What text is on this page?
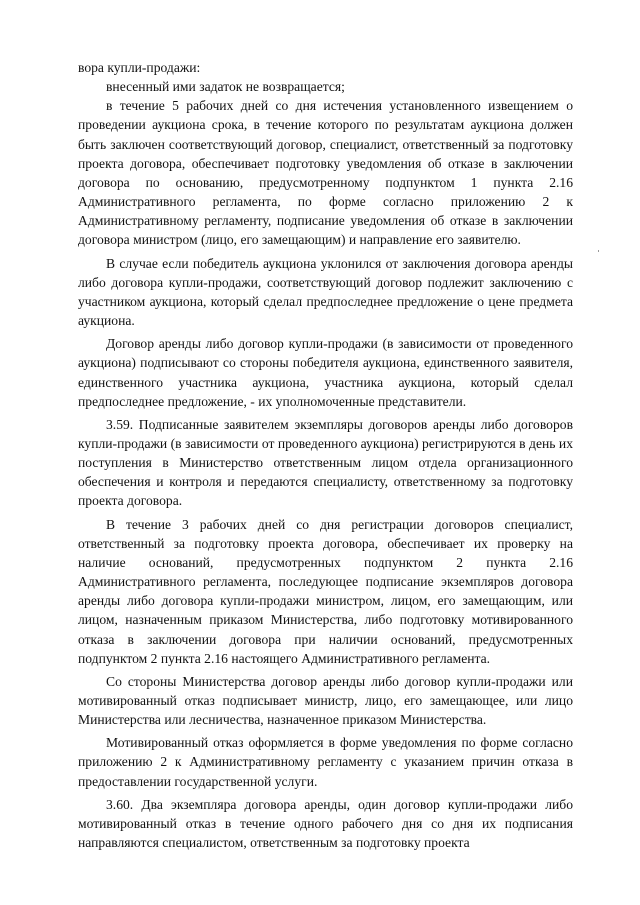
вора купли-продажи:

внесенный ими задаток не возвращается;

в течение 5 рабочих дней со дня истечения установленного извещением о проведении аукциона срока, в течение которого по результатам аукциона должен быть заключен соответствующий договор, специалист, ответственный за подготовку проекта договора, обеспечивает подготовку уведомления об отказе в заключении договора по основанию, предусмотренному подпунктом 1 пункта 2.16 Административного регламента, по форме согласно приложению 2 к Административному регламенту, подписание уведомления об отказе в заключении договора министром (лицо, его замещающим) и направление его заявителю.

В случае если победитель аукциона уклонился от заключения договора аренды либо договора купли-продажи, соответствующий договор подлежит заключению с участником аукциона, который сделал предпоследнее предложение о цене предмета аукциона.

Договор аренды либо договор купли-продажи (в зависимости от проведенного аукциона) подписывают со стороны победителя аукциона, единственного заявителя, единственного участника аукциона, участника аукциона, который сделал предпоследнее предложение, - их уполномоченные представители.

3.59. Подписанные заявителем экземпляры договоров аренды либо договоров купли-продажи (в зависимости от проведенного аукциона) регистрируются в день их поступления в Министерство ответственным лицом отдела организационного обеспечения и контроля и передаются специалисту, ответственному за подготовку проекта договора.

В течение 3 рабочих дней со дня регистрации договоров специалист, ответственный за подготовку проекта договора, обеспечивает их проверку на наличие оснований, предусмотренных подпунктом 2 пункта 2.16 Административного регламента, последующее подписание экземпляров договора аренды либо договора купли-продажи министром, лицом, его замещающим, или лицом, назначенным приказом Министерства, либо подготовку мотивированного отказа в заключении договора при наличии оснований, предусмотренных подпунктом 2 пункта 2.16 настоящего Административного регламента.

Со стороны Министерства договор аренды либо договор купли-продажи или мотивированный отказ подписывает министр, лицо, его замещающее, или лицо Министерства или лесничества, назначенное приказом Министерства.

Мотивированный отказ оформляется в форме уведомления по форме согласно приложению 2 к Административному регламенту с указанием причин отказа в предоставлении государственной услуги.

3.60. Два экземпляра договора аренды, один договор купли-продажи либо мотивированный отказ в течение одного рабочего дня со дня их подписания направляются специалистом, ответственным за подготовку проекта
